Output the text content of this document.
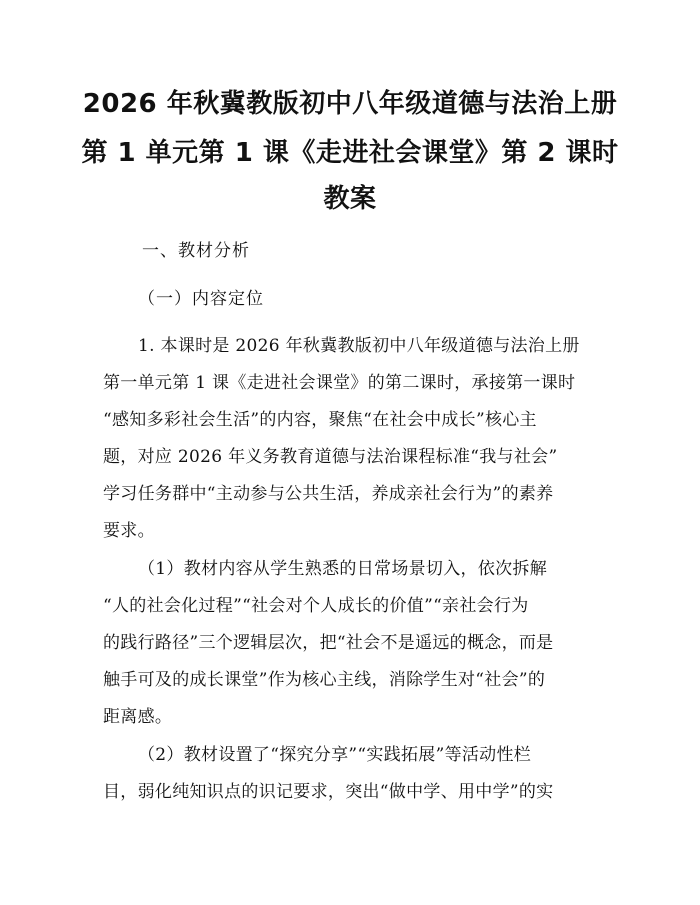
2026 年秋冀教版初中八年级道德与法治上册
第 1 单元第 1 课《走进社会课堂》第 2 课时
教案
一、教材分析
（一）内容定位
1. 本课时是 2026 年秋冀教版初中八年级道德与法治上册
第一单元第 1 课《走进社会课堂》的第二课时，承接第一课时
“感知多彩社会生活”的内容，聚焦“在社会中成长”核心主
题，对应 2026 年义务教育道德与法治课程标准“我与社会”
学习任务群中“主动参与公共生活，养成亲社会行为”的素养
要求。
（1）教材内容从学生熟悉的日常场景切入，依次拆解
“人的社会化过程”“社会对个人成长的价值”“亲社会行为
的践行路径”三个逻辑层次，把“社会不是遥远的概念，而是
触手可及的成长课堂”作为核心主线，消除学生对“社会”的
距离感。
（2）教材设置了“探究分享”“实践拓展”等活动性栏
目，弱化纯知识点的识记要求，突出“做中学、用中学”的实
